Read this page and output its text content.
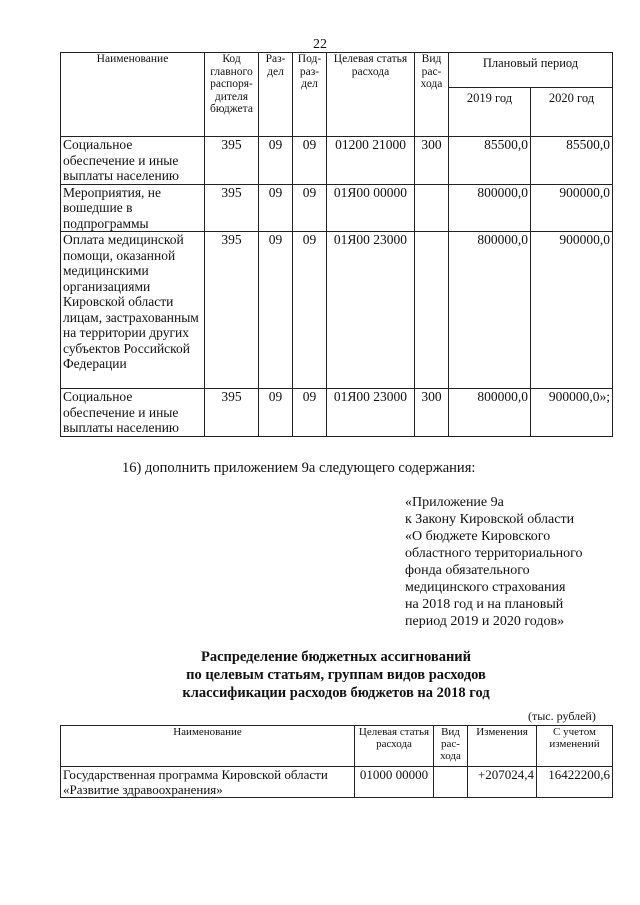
22
Наименование	Код главного распоря-дителя бюджета	Раз-дел	Под-раз-дел	Целевая статья расхода	Вид рас-хода	Плановый период	
						2019 год	2020 год
Социальное обеспечение и иные выплаты населению	395	09	09	01200 21000	300	85500,0	85500,0
Мероприятия, не вошедшие в подпрограммы	395	09	09	01Я00 00000		800000,0	900000,0
Оплата медицинской помощи, оказанной медицинскими организациями Кировской области лицам, застрахованным на территории других субъектов Российской Федерации	395	09	09	01Я00 23000		800000,0	900000,0
Социальное обеспечение и иные выплаты населению	395	09	09	01Я00 23000	300	800000,0	900000,0»;
16) дополнить приложением 9а следующего содержания:
«Приложение 9а
к Закону Кировской области
«О бюджете Кировского
областного территориального
фонда обязательного
медицинского страхования
на 2018 год и на плановый
период 2019 и 2020 годов»
Распределение бюджетных ассигнований
по целевым статьям, группам видов расходов
классификации расходов бюджетов на 2018 год
(тыс. рублей)
Наименование	Целевая статья расхода	Вид рас-хода	Изменения	С учетом изменений
Государственная программа Кировской области «Развитие здравоохранения»	01000 00000		+207024,4	16422200,6
